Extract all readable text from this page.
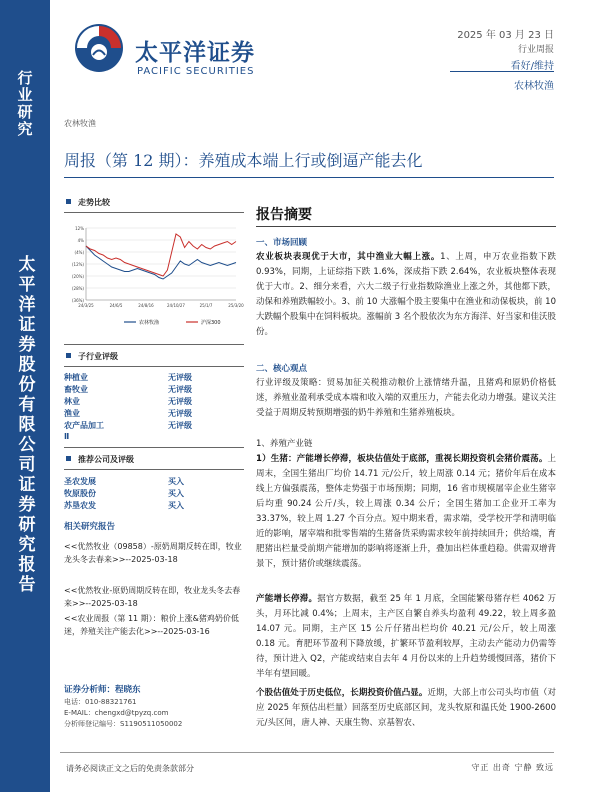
行业研究
太平洋证券股份有限公司证券研究报告
太平洋证券
PACIFIC SECURITIES
2025 年 03 月 23 日
行业周报
看好/维持
农林牧渔
农林牧渔
周报（第 12 期）：养殖成本端上行或倒逼产能去化
走势比较
12%
4%
(4%)
(12%)
(20%)
(28%)
(36%)
24/3/25	24/6/5	24/8/16	24/10/27	25/1/7	25/3/20
农林牧渔	沪深300
子行业评级
种植业	无评级
畜牧业	无评级
林业	无评级
渔业	无评级
农产品加工	无评级
Ⅱ
推荐公司及评级
圣农发展	买入
牧原股份	买入
苏垦农发	买入
相关研究报告
<<优然牧业（09858）-原奶周期反转在即，牧业龙头冬去春来>>--2025-03-18
<<优然牧业-原奶周期反转在即，牧业龙头冬去春来>>--2025-03-18
<<农业周报（第 11 期）：粮价上涨&猪鸡奶价低迷，养殖关注产能去化>>--2025-03-16
证券分析师：程晓东
电话：010-88321761
E-MAIL：chengxd@tpyzq.com
分析师登记编号：S1190511050002
报告摘要
一、市场回顾
农业板块表现优于大市，其中渔业大幅上涨。1、上周，申万农业指数下跌 0.93%，同期，上证综指下跌 1.6%，深成指下跌 2.64%，农业板块整体表现优于大市。2、细分来看，六大二级子行业指数除渔业上涨之外，其他都下跌，动保和养殖跌幅较小。3、前 10 大涨幅个股主要集中在渔业和动保板块，前 10 大跌幅个股集中在饲料板块。涨幅前 3 名个股依次为东方海洋、好当家和佳沃股份。
二、核心观点
行业评级及策略：贸易加征关税推动粮价上涨情绪升温，且猪鸡和原奶价格低迷，养殖业盈利承受成本端和收入端的双重压力，产能去化动力增强。建议关注受益于周期反转预期增强的奶牛养殖和生猪养殖板块。
1、养殖产业链
1）生猪：产能增长停滞，板块估值处于底部，重视长期投资机会猪价震荡。上周末，全国生猪出厂均价 14.71 元/公斤，较上周涨 0.14 元；猪价年后在成本线上方偏强震荡，整体走势强于市场预期；同期，16 省市规模屠宰企业生猪宰后均重 90.24 公斤/头，较上周涨 0.34 公斤；全国生猪加工企业开工率为 33.37%，较上周 1.27 个百分点。短中期来看，需求端，受学校开学和清明临近的影响，屠宰端和批零售端的生猪备货采购需求较年前持续回升；供给端，育肥猪出栏量受前期产能增加的影响将逐渐上升，叠加出栏体重趋稳。供需双增背景下，预计猪价或继续震荡。
产能增长停滞。据官方数据，截至 25 年 1 月底，全国能繁母猪存栏 4062 万头，月环比减 0.4%；上周末，主产区自繁自养头均盈利 49.22，较上周多盈 14.07 元。同期，主产区 15 公斤仔猪出栏均价 40.21 元/公斤，较上周涨 0.18 元。育肥环节盈利下降放缓，扩繁环节盈利较厚，主动去产能动力仍需等待，预计进入 Q2，产能或结束自去年 4 月份以来的上升趋势缓慢回落，猪价下半年有望回暖。
个股估值处于历史低位，长期投资价值凸显。近期，大部上市公司头均市值（对应 2025 年预估出栏量）回落至历史底部区间，龙头牧原和温氏处 1900-2600 元/头区间，唐人神、天康生物、京基智农、
请务必阅读正文之后的免责条款部分	守正 出奇 宁静 致远
